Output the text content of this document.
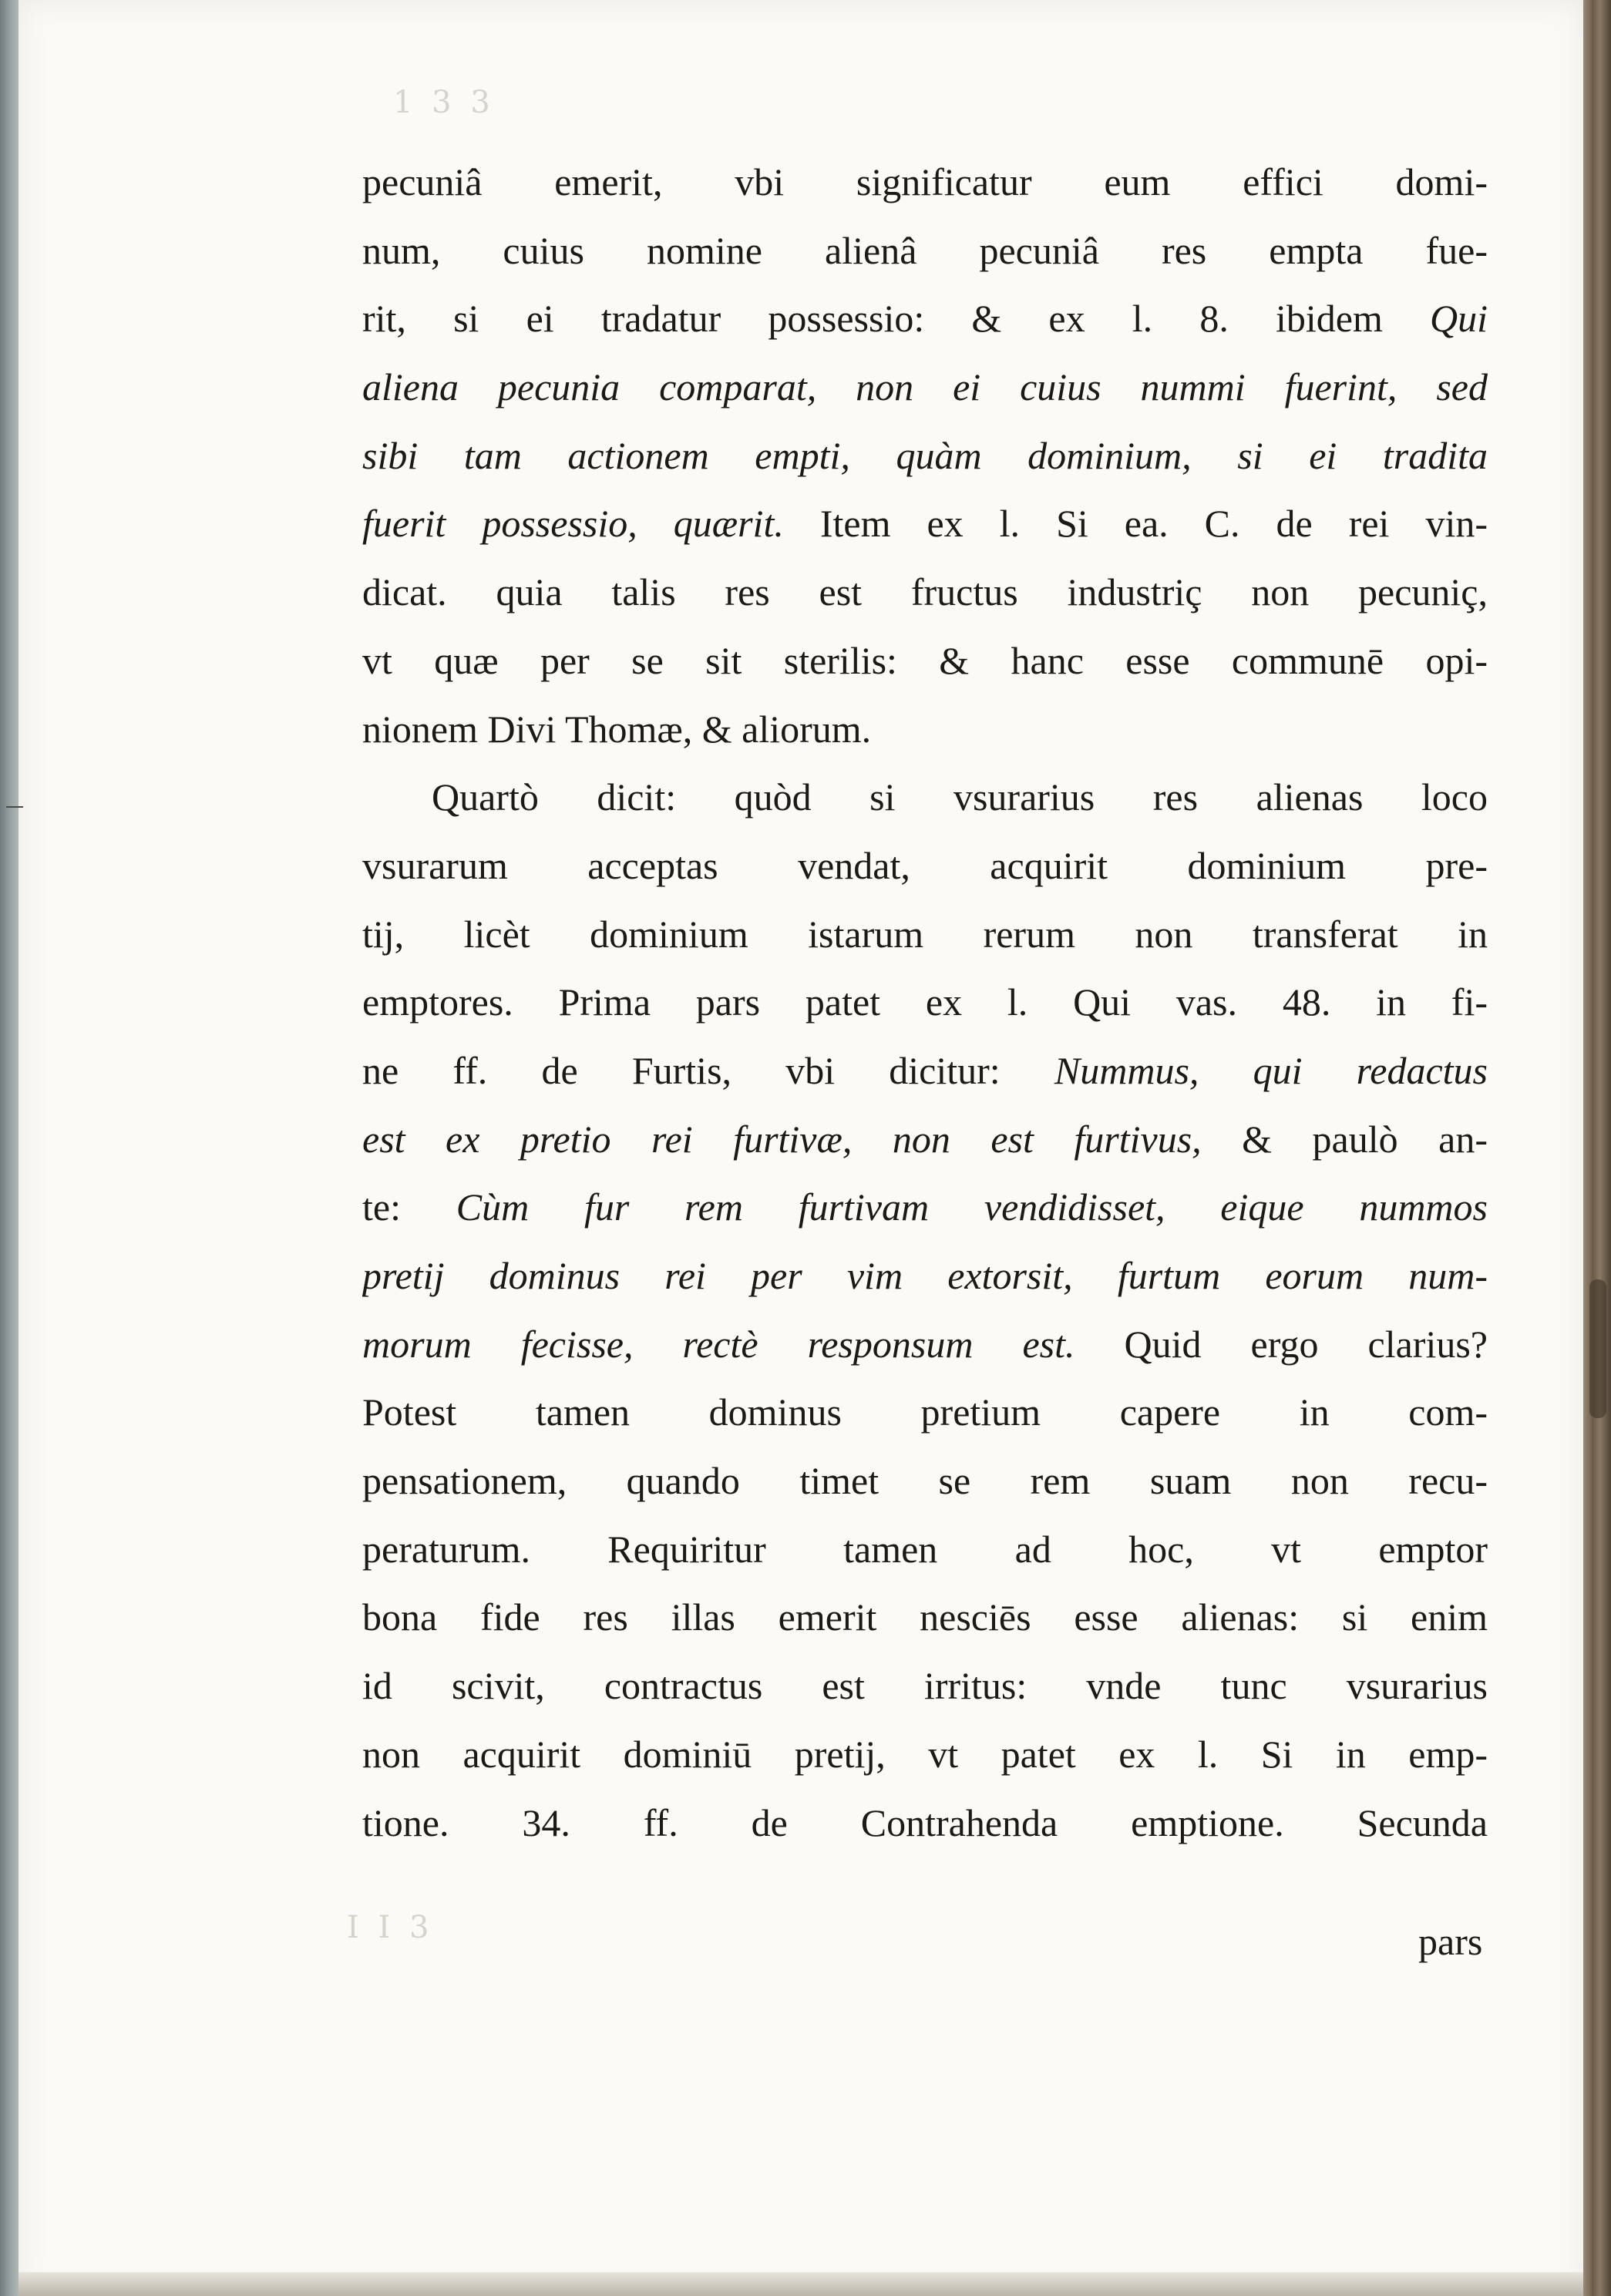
1 3 3
I I 3
pecuniâ emerit, vbi significatur eum effici domi-
num, cuius nomine alienâ pecuniâ res empta fue-
rit, si ei tradatur possessio: & ex l. 8. ibidem Qui
aliena pecunia comparat, non ei cuius nummi fuerint, sed
sibi tam actionem empti, quàm dominium, si ei tradita
fuerit possessio, quærit. Item ex l. Si ea. C. de rei vin-
dicat. quia talis res est fructus industriç non pecuniç,
vt quæ per se sit sterilis: & hanc esse communē opi-
nionem Divi Thomæ, & aliorum.
Quartò dicit: quòd si vsurarius res alienas loco
vsurarum acceptas vendat, acquirit dominium pre-
tij, licèt dominium istarum rerum non transferat in
emptores. Prima pars patet ex l. Qui vas. 48. in fi-
ne ff. de Furtis, vbi dicitur: Nummus, qui redactus
est ex pretio rei furtivæ, non est furtivus, & paulò an-
te: Cùm fur rem furtivam vendidisset, eique nummos
pretij dominus rei per vim extorsit, furtum eorum num-
morum fecisse, rectè responsum est. Quid ergo clarius?
Potest tamen dominus pretium capere in com-
pensationem, quando timet se rem suam non recu-
peraturum. Requiritur tamen ad hoc, vt emptor
bona fide res illas emerit nesciēs esse alienas: si enim
id scivit, contractus est irritus: vnde tunc vsurarius
non acquirit dominiū pretij, vt patet ex l. Si in emp-
tione. 34. ff. de Contrahenda emptione. Secunda
pars
